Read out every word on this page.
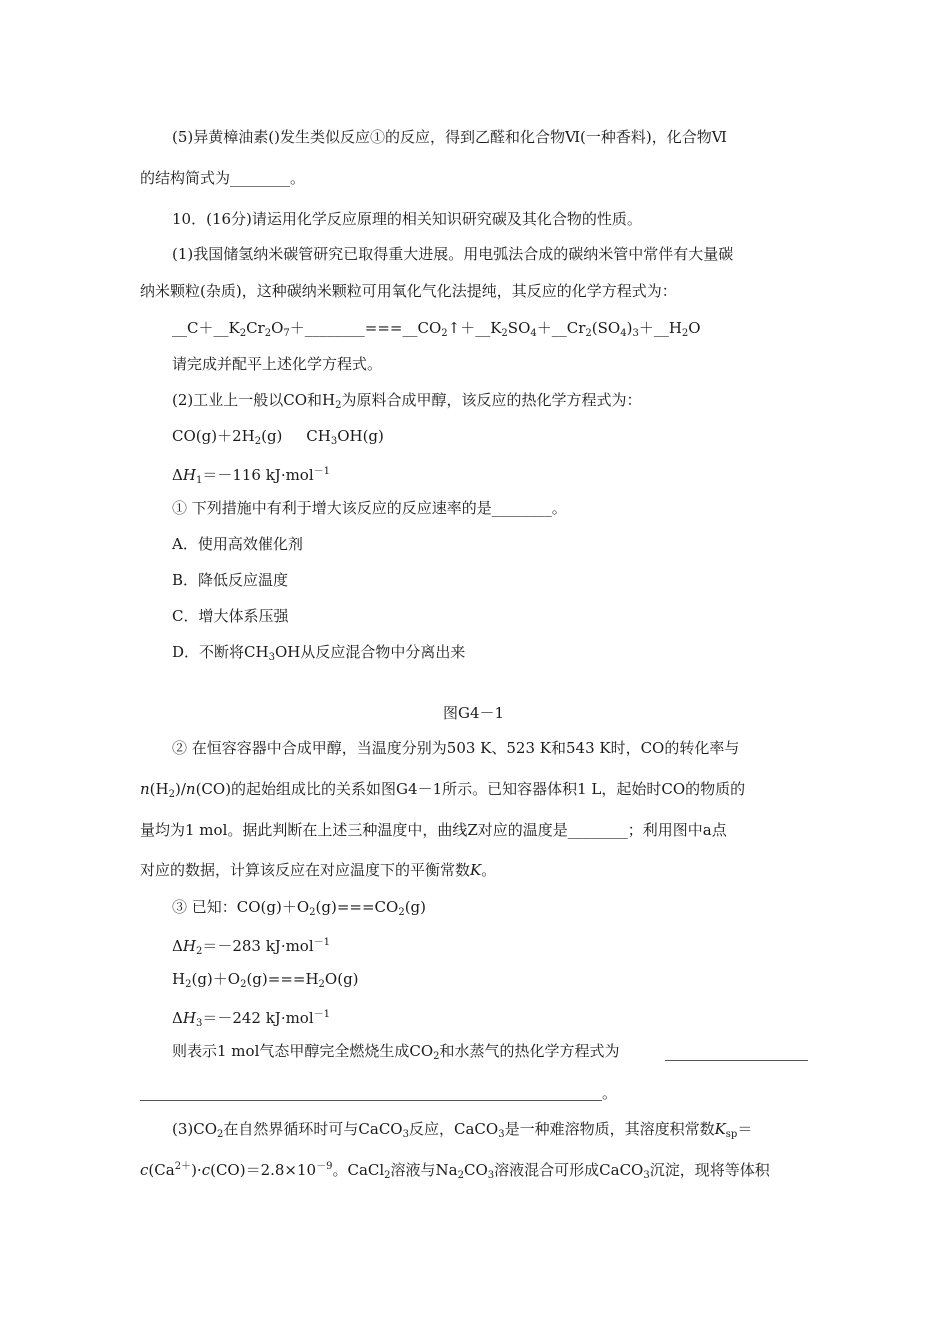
(5)异黄樟油素()发生类似反应①的反应，得到乙醛和化合物Ⅵ(一种香料)，化合物Ⅵ
的结构简式为________。
10．(16分)请运用化学反应原理的相关知识研究碳及其化合物的性质。
(1)我国储氢纳米碳管研究已取得重大进展。用电弧法合成的碳纳米管中常伴有大量碳
纳米颗粒(杂质)，这种碳纳米颗粒可用氧化气化法提纯，其反应的化学方程式为：
$\_\_C+\_\_K_2Cr_2O_7+\_\_\_\_\_\_\_\_===\_\_CO_2↑+\_\_K_2SO_4+\_\_Cr_2(SO_4)_3+\_\_H_2O$
请完成并配平上述化学方程式。
(2)工业上一般以CO和$H_2$为原料合成甲醇，该反应的热化学方程式为：
$CO(g)+2H_2(g)$     $CH_3OH(g)$
$\Delta H_1=-116$ kJ·mol$^{-1}$
① 下列措施中有利于增大该反应的反应速率的是________。
A．使用高效催化剂
B．降低反应温度
C．增大体系压强
D．不断将$CH_3OH$从反应混合物中分离出来
图G4－1
② 在恒容容器中合成甲醇，当温度分别为503 K、523 K和543 K时，CO的转化率与
$n(H_2)/n(CO)$的起始组成比的关系如图G4－1所示。已知容器体积1 L，起始时CO的物质的
量均为1 mol。据此判断在上述三种温度中，曲线Z对应的温度是________；利用图中a点
对应的数据，计算该反应在对应温度下的平衡常数K。
③ 已知：$CO(g)+O_2(g)===CO_2(g)$
$\Delta H_2=-283$ kJ·mol$^{-1}$
$H_2(g)+O_2(g)===H_2O(g)$
$\Delta H_3=-242$ kJ·mol$^{-1}$
则表示1 mol气态甲醇完全燃烧生成$CO_2$和水蒸气的热化学方程式为
。
$(3)CO_2$在自然界循环时可与CaCO$_3$反应，CaCO$_3$是一种难溶物质，其溶度积常数$K_{sp}=$
$c(Ca^{2+})\cdot c(CO)=2.8\times 10^{-9}$。CaCl$_2$溶液与$Na_2CO_3$溶液混合可形成CaCO$_3$沉淀，现将等体积
